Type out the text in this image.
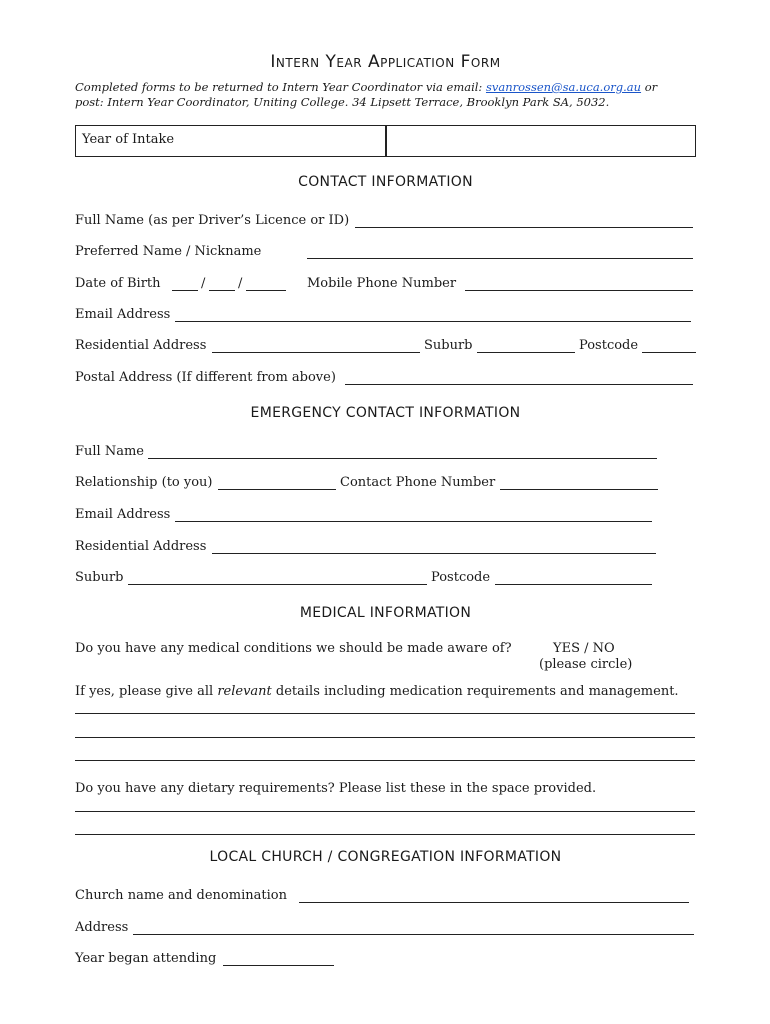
Intern Year Application Form
Completed forms to be returned to Intern Year Coordinator via email: svanrossen@sa.uca.org.au or
post: Intern Year Coordinator, Uniting College. 34 Lipsett Terrace, Brooklyn Park SA, 5032.
Year of Intake
CONTACT INFORMATION
Full Name (as per Driver’s Licence or ID)
Preferred Name / Nickname
Date of Birth	/	/	Mobile Phone Number
Email Address
Residential Address	Suburb	Postcode
Postal Address (If different from above)
EMERGENCY CONTACT INFORMATION
Full Name
Relationship (to you)	Contact Phone Number
Email Address
Residential Address
Suburb	Postcode
MEDICAL INFORMATION
Do you have any medical conditions we should be made aware of?	YES / NO
(please circle)
If yes, please give all relevant details including medication requirements and management.
Do you have any dietary requirements? Please list these in the space provided.
LOCAL CHURCH / CONGREGATION INFORMATION
Church name and denomination
Address
Year began attending
